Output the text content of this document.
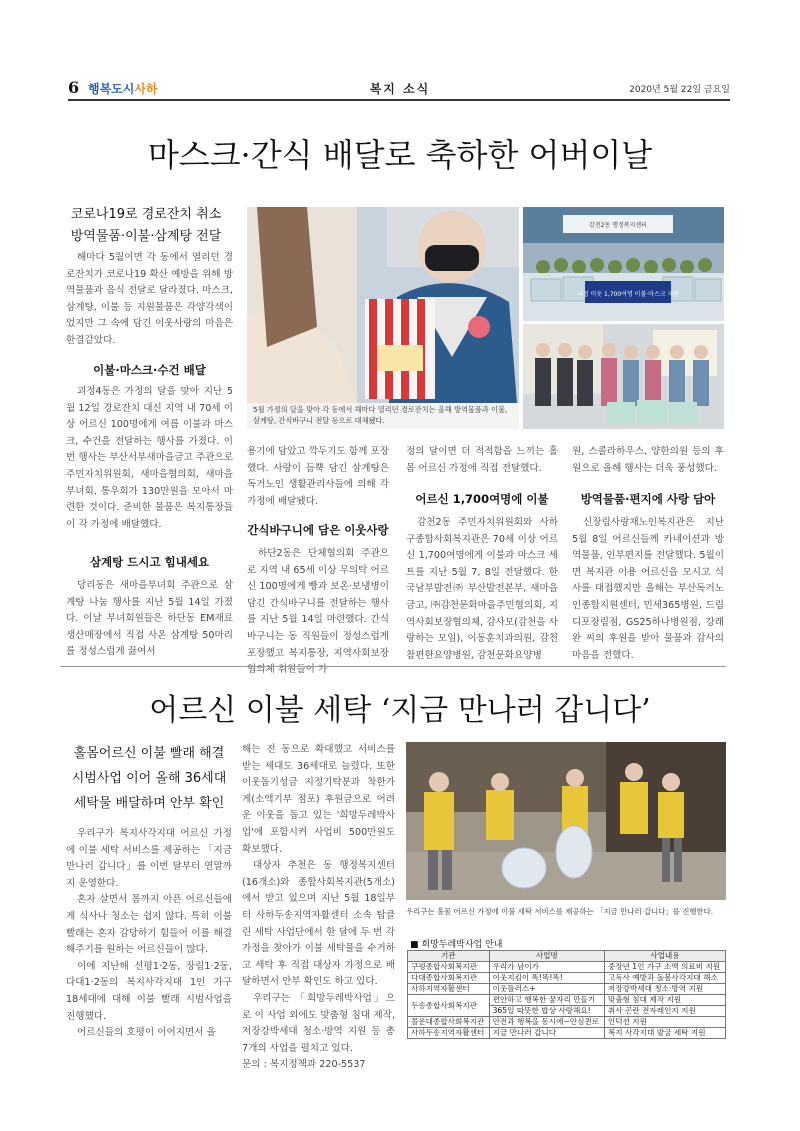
6 행복도시사하	복지 소식	2020년 5월 22일 금요일
마스크·간식 배달로 축하한 어버이날
코로나19로 경로잔치 취소
방역물품·이불·삼계탕 전달

해마다 5월이면 각 동에서 열리던 경로잔치가 코로나19 확산 예방을 위해 방역물품과 음식 전달로 달라졌다. 마스크, 삼계탕, 이불 등 지원물품은 각양각색이었지만 그 속에 담긴 이웃사랑의 마음은 한결같았다.

이불·마스크·수건 배달

괴정4동은 가정의 달을 맞아 지난 5월 12일 경로잔치 대신 지역 내 70세 이상 어르신 100명에게 여름 이불과 마스크, 수건을 전달하는 행사를 가졌다. 이번 행사는 부산서부새마을금고 주관으로 주민자치위원회, 새마을협의회, 새마을부녀회, 통우회가 130만원을 모아서 마련한 것이다. 준비한 물품은 복지통장들이 각 가정에 배달했다.

삼계탕 드시고 힘내세요

당리동은 새마을부녀회 주관으로 삼계탕 나눔 행사를 지난 5월 14일 가졌다. 이날 부녀회원들은 하단동 EM재료 생산매장에서 직접 사온 삼계탕 50마리를 정성스럽게 끓여서

5월 가정의 달을 맞아 각 동에서 해마다 열리던 경로잔치는 올해 방역물품과 이불, 삼계탕, 간식바구니 전달 등으로 대체됐다.
괴정 이웃 1,700여명 이불·마스크 지원
감천2동 행정복지센터

용기에 담았고 깍두기도 함께 포장했다. 사랑이 듬뿍 담긴 삼계탕은 독거노인 생활관리사들에 의해 각 가정에 배달됐다.

간식바구니에 담은 이웃사랑

하단2동은 단체협의회 주관으로 지역 내 65세 이상 무의탁 어르신 100명에게 빵과 보온·보냉병이 담긴 간식바구니를 전달하는 행사를 지난 5월 14일 마련했다. 간식바구니는 동 직원들이 정성스럽게 포장했고 복지통장, 지역사회보장협의체 위원들이 가

정의 달이면 더 적적함을 느끼는 홀몸 어르신 가정에 직접 전달했다.

어르신 1,700여명에 이불

감천2동 주민자치위원회와 사하구종합사회복지관은 70세 이상 어르신 1,700여명에게 이불과 마스크 세트를 지난 5월 7, 8일 전달했다. 한국남부발전㈜ 부산발전본부, 새마을금고, ㈜감천문화마을주민협의회, 지역사회보장협의체, 감사모(감천을 사랑하는 모임), 이동훈치과의원, 감천참편한요양병원, 감천문화요양병

원, 스콜라하우스, 양한의원 등의 후원으로 올해 행사는 더욱 풍성했다.

방역물품·편지에 사랑 담아

신장림사랑채노인복지관은 지난 5월 8일 어르신들께 카네이션과 방역물품, 인부편지를 전달했다. 5월이면 복지관 이용 어르신을 모시고 식사를 대접했지만 올해는 부산독거노인종합지원센터, 민세365병원, 드림디포장림점, GS25하나병원점, 강래완 씨의 후원을 받아 물품과 감사의 마음을 전했다.

어르신 이불 세탁 ‘지금 만나러 갑니다’
홀몸어르신 이불 빨래 해결
시범사업 이어 올해 36세대
세탁물 배달하며 안부 확인

우리구가 복지사각지대 어르신 가정에 이불 세탁 서비스를 제공하는 「지금 만나러 갑니다」를 이번 달부터 연말까지 운영한다.

혼자 살면서 몸까지 아픈 어르신들에게 식사나 청소는 쉽지 않다. 특히 이불 빨래는 혼자 감당하기 힘들어 이를 해결해주기를 원하는 어르신들이 많다.

이에 지난해 신평1·2동, 장림1·2동, 다대1·2동의 복지사각지대 1인 가구 18세대에 대해 이불 빨래 시범사업을 진행했다.

어르신들의 호평이 이어지면서 올

해는 전 동으로 확대했고 서비스를 받는 세대도 36세대로 늘렸다. 또한 이웃돕기성금 지정기탁분과 착한가게(소액기부 점포) 후원금으로 어려운 이웃을 돕고 있는 '희망두레박사업'에 포함시켜 사업비 500만원도 확보했다.

대상자 추천은 동 행정복지센터(16개소)와 종합사회복지관(5개소)에서 받고 있으며 지난 5월 18일부터 사하두송지역자활센터 소속 탑클린 세탁 사업단에서 한 달에 두 번 각 가정을 찾아가 이불 세탁물을 수거하고 세탁 후 직접 대상자 가정으로 배달하면서 안부 확인도 하고 있다.

우리구는 「희망두레박사업」으로 이 사업 외에도 맞춤형 침대 제작, 저장강박세대 청소·방역 지원 등 총 7개의 사업을 펼치고 있다.

문의 : 복지정책과 220-5537

우리구는 홀몸 어르신 가정에 이불 세탁 서비스를 제공하는 「지금 만나러 갑니다」를 진행한다.
■ 희망두레박사업 안내
기관	사업명	사업내용
구평종합사회복지관	우리가 남이가	중장년 1인 가구 소액 의료비 지원
다대종합사회복지관	이웃지킴이 똑!똑!똑!	고독사 예방과 돌봄사각지대 해소
사하지역자활센터	이웃플러스+	저장강박세대 청소·방역 지원
두송종합사회복지관	편안하고 행복한 꿈자리 만들기	맞춤형 침대 제작 지원
	365일 따뜻한 밥상 사랑해요!	취사 곤란 전자레인지 지원
몰운대종합사회복지관	안전과 행복을 동시에~안심퀸로	인덕션 지원
사하두송지역자활센터	지금 만나러 갑니다	복지 사각지대 발굴 세탁 지원
